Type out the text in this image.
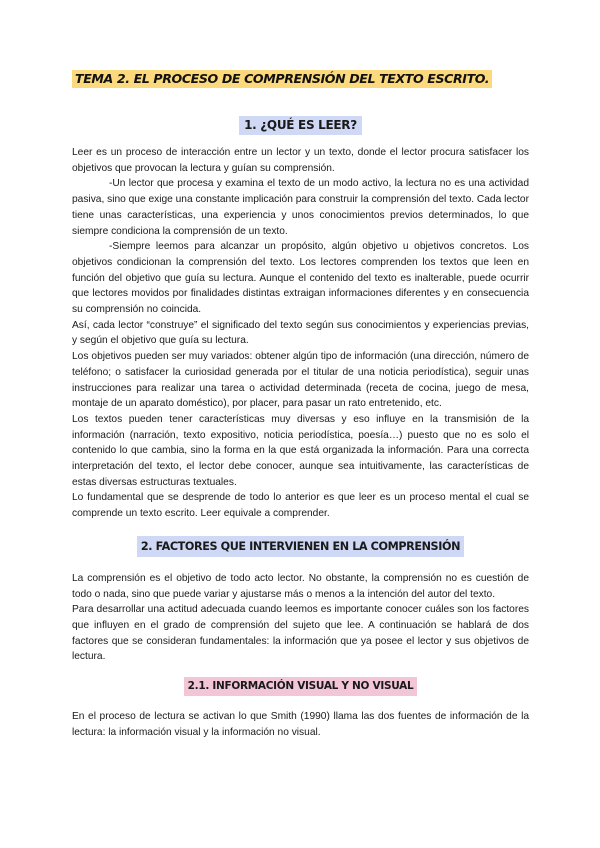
TEMA 2. EL PROCESO DE COMPRENSIÓN DEL TEXTO ESCRITO.
1. ¿QUÉ ES LEER?

Leer es un proceso de interacción entre un lector y un texto, donde el lector procura satisfacer los objetivos que provocan la lectura y guían su comprensión.

-Un lector que procesa y examina el texto de un modo activo, la lectura no es una actividad pasiva, sino que exige una constante implicación para construir la comprensión del texto. Cada lector tiene unas características, una experiencia y unos conocimientos previos determinados, lo que siempre condiciona la comprensión de un texto.

-Siempre leemos para alcanzar un propósito, algún objetivo u objetivos concretos. Los objetivos condicionan la comprensión del texto. Los lectores comprenden los textos que leen en función del objetivo que guía su lectura. Aunque el contenido del texto es inalterable, puede ocurrir que lectores movidos por finalidades distintas extraigan informaciones diferentes y en consecuencia su comprensión no coincida.

Así, cada lector “construye” el significado del texto según sus conocimientos y experiencias previas, y según el objetivo que guía su lectura.

Los objetivos pueden ser muy variados: obtener algún tipo de información (una dirección, número de teléfono; o satisfacer la curiosidad generada por el titular de una noticia periodística), seguir unas instrucciones para realizar una tarea o actividad determinada (receta de cocina, juego de mesa, montaje de un aparato doméstico), por placer, para pasar un rato entretenido, etc.

Los textos pueden tener características muy diversas y eso influye en la transmisión de la información (narración, texto expositivo, noticia periodística, poesía…) puesto que no es solo el contenido lo que cambia, sino la forma en la que está organizada la información. Para una correcta interpretación del texto, el lector debe conocer, aunque sea intuitivamente, las características de estas diversas estructuras textuales.

Lo fundamental que se desprende de todo lo anterior es que leer es un proceso mental el cual se comprende un texto escrito. Leer equivale a comprender.

2. FACTORES QUE INTERVIENEN EN LA COMPRENSIÓN

La comprensión es el objetivo de todo acto lector. No obstante, la comprensión no es cuestión de todo o nada, sino que puede variar y ajustarse más o menos a la intención del autor del texto.

Para desarrollar una actitud adecuada cuando leemos es importante conocer cuáles son los factores que influyen en el grado de comprensión del sujeto que lee. A continuación se hablará de dos factores que se consideran fundamentales: la información que ya posee el lector y sus objetivos de lectura.

2.1. INFORMACIÓN VISUAL Y NO VISUAL

En el proceso de lectura se activan lo que Smith (1990) llama las dos fuentes de información de la lectura: la información visual y la información no visual.
